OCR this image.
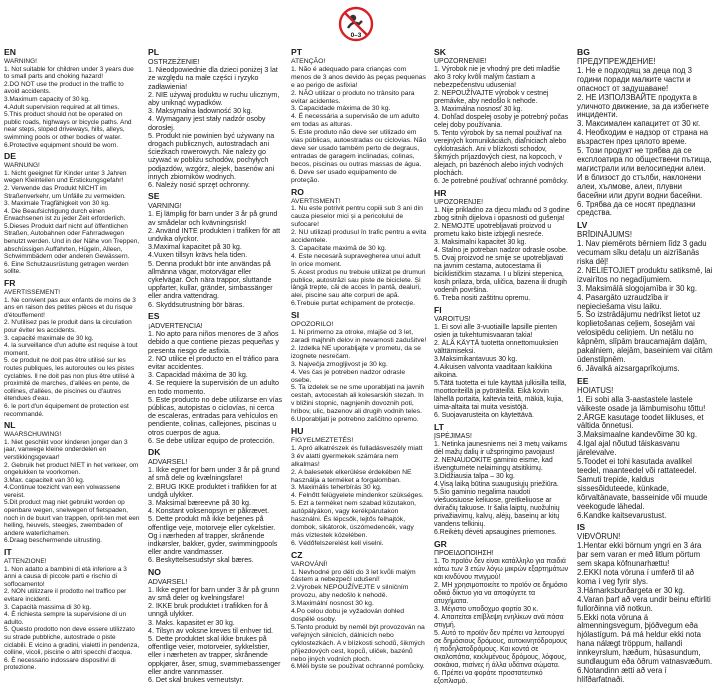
0–3
EN
WARNING!
1. Not suitable for children under 3 years due to small parts and choking hazard!
2.DO NOT use the product in the traffic to avoid accidents.
3.Maximum capacity of 30 kg.
4.Adult supervision required at all times.
5.This product should not be operated on public roads, highways or bicycle paths. And near steps, sloped driveways, hills, alleys, swimming pools or other bodies of water.
6.Protective equipment should be worn.
DE
WARNUNG!
1. Nicht geeignet für Kinder unter 3 Jahren wegen Kleinteilen und Erstickungsgefahr!
2. Verwende das Produkt NICHT im Straßenverkehr, um Unfälle zu vermeiden.
3. Maximale Tragfähigkeit von 30 kg.
4. Die Beaufsichtigung durch einen Erwachsenen ist zu jeder Zeit erforderlich.
5.Dieses Produkt darf nicht auf öffentlichen Straßen, Autobahnen oder Fahrradwegen benutzt werden. Und in der Nähe von Treppen, abschüssigen Auffahrten, Hügeln, Alleen, Schwimmbädern oder anderen Gewässern.
6. Eine Schutzausrüstung getragen werden sollte.
FR
AVERTISSEMENT!
1. Ne convient pas aux enfants de moins de 3 ans en raison des petites pièces et du risque d'étouffement!
2. N'utilisez pas le produit dans la circulation pour éviter les accidents.
3. capacité maximale de 30 kg.
4. la surveillance d'un adulte est requise à tout moment.
5. ce produit ne doit pas être utilisé sur les routes publiques, les autoroutes ou les pistes cyclables. Il ne doit pas non plus être utilisé à proximité de marches, d'allées en pente, de collines, d'allées, de piscines ou d'autres étendues d'eau.
6. le port d'un équipement de protection est recommandé.
NL
WAARSCHUWING!
1. Niet geschikt voor kinderen jonger dan 3 jaar, vanwege kleine onderdelen en verstikkingsgevaar!
2. Gebruik het product NIET in het verkeer, om ongelukken te voorkomen.
3.Max. capaciteit van 30 kg.
4.Continue toezicht van een volwassene vereist.
5.Dit product mag niet gebruikt worden op openbare wegen, snelwegen of fietspaden, noch in de buurt van trappen, oprit-ten met een helling, heuvels, steegjes, zwembaden of andere waterlichamen.
6.Draag beschermende uitrusting.
IT
ATTENZIONE!
1. Non adatto a bambini di età inferiore a 3 anni a causa di piccole parti e rischio di soffocamento!
2. NON utilizzare il prodotto nel traffico per evitare incidenti.
3. Capacità massima di 30 kg.
4. È richiesta sempre la supervisione di un adulto.
5. Questo prodotto non deve essere utilizzato su strade pubbliche, autostrade o piste ciclabili. E vicino a gradini, vialetti in pendenza, colline, vicoli, piscine o altri specchi d'acqua.
6. È necessario indossare dispositivi di protezione.
PL
OSTRZEŻENIE!
1. Nieodpowiednie dla dzieci poniżej 3 lat ze względu na małe części i ryzyko zadławienia!
2. NIE używaj produktu w ruchu ulicznym, aby uniknąć wypadków.
3. Maksymalna ładowność 30 kg.
4. Wymagany jest stały nadzór osoby dorosłej.
5. Produkt nie powinien być używany na drogach publicznych, autostradach ani ścieżkach rowerowych. Nie należy go używać w pobliżu schodów, pochyłych podjazdów, wzgórz, alejek, basenów ani innych zbiorników wodnych.
6. Należy nosić sprzęt ochronny.
SE
VARNING!
1. Ej lämplig för barn under 3 år på grund av smådelar och kvävningsrisk!
2. Använd INTE produkten i trafiken för att undvika olyckor.
3.Maximal kapacitet på 30 kg.
4.Vuxen tillsyn krävs hela tiden.
5. Denna produkt bör inte användas på allmänna vägar, motorvägar eller cykelvägar. Och nära trappor, sluttande uppfarter, kullar, gränder, simbassänger eller andra vattendrag.
6. Skyddsutrustning bör bäras.
ES
¡ADVERTENCIA!
1. No apto para niños menores de 3 años debido a que contiene piezas pequeñas y presenta riesgo de asfixia.
2. NO utilice el producto en el tráfico para evitar accidentes.
3. Capacidad máxima de 30 kg.
4. Se requiere la supervisión de un adulto en todo momento.
5. Este producto no debe utilizarse en vías públicas, autopistas o ciclovías, ni cerca de escaleras, entradas para vehículos en pendiente, colinas, callejones, piscinas u otros cuerpos de agua.
6. Se debe utilizar equipo de protección.
DK
ADVARSEL!
1. Ikke egnet for børn under 3 år på grund af små dele og kvælningsfare!
2. BRUG IKKE produktet i trafikken for at undgå ulykker.
3. Maksimal bæreevne på 30 kg.
4. Konstant voksenopsyn er påkrævet.
5. Dette produkt må ikke betjenes på offentlige veje, motorveje eller cykelstier. Og i nærheden af trapper, skrånende indkørsler, bakker, gyder, swimmingpools eller andre vandmasser.
6. Beskyttelsesudstyr skal bæres.
NO
ADVARSEL!
1. Ikke egnet for barn under 3 år på grunn av små deler og kvelningsfare!
2. IKKE bruk produktet i trafikken for å unngå ulykker.
3. Maks. kapasitet er 30 kg.
4. Tilsyn av voksne kreves til enhver tid.
5. Dette produktet skal ikke brukes på offentlige veier, motorveier, sykkelstier, eller i nærheten av trapper, skrånende oppkjører, åser, smug, svømmebassenger eller andre vannmasser.
6. Det skal brukes verneutstyr.
PT
ATENÇÃO!
1. Não é adequado para crianças com menos de 3 anos devido às peças pequenas e ao perigo de asfixia!
2. NÃO utilizar o produto no trânsito para evitar acidentes.
3. Capacidade máxima de 30 kg.
4. É necessária a supervisão de um adulto em todas as alturas.
5. Este produto não deve ser utilizado em vias públicas, autoestradas ou ciclovias. Não deve ser usado também perto de degraus, entradas de garagem inclinadas, colinas, becos, piscinas ou outras massas de água.
6. Deve ser usado equipamento de proteção.
RO
AVERTISMENT!
1. Nu este potrivit pentru copiii sub 3 ani din cauza pieselor mici și a pericolului de sufocare!
2. NU utilizați produsul în trafic pentru a evita accidentele.
3. Capacitate maximă de 30 kg.
4. Este necesară supravegherea unui adult în orice moment.
5. Acest produs nu trebuie utilizat pe drumuri publice, autostrăzi sau piste de biciclete. Și lângă trepte, căi de acces în pantă, dealuri, alei, piscine sau alte corpuri de apă.
6.Trebuie purtat echipament de protecție.
SI
OPOZORILO!
1. Ni primerno za otroke, mlajše od 3 let, zaradi majhnih delov in nevarnosti zadušitve!
2. Izdelka NE uporabljajte v prometu, da se izognete nesrečam.
3. Največja zmogljivost je 30 kg.
4. Ves čas je potreben nadzor odrasle osebe.
5. Ta izdelek se ne sme uporabljati na javnih cestah, avtocestah ali kolesarskih stezah. In v bližini stopnic, nagnjenih dovoznih poti, hribov, ulic, bazenov ali drugih vodnih teles.
6.Uporabljati je potrebno zaščitno opremo.
HU
FIGYELMEZTETÉS!
1. Apró alkatrészek és fulladásveszély miatt 3 év alatti gyermekek számára nem alkalmas!
2. A balesetek elkerülése érdekében NE használja a terméket a forgalomban.
3. Maximális teherbírás 30 kg.
4. Felnőtt felügyelete mindenkor szükséges.
5. Ezt a terméket nem szabad közutakon, autópályákon, vagy kerékpárutakon használni. És lépcsők, lejtős felhajtók, dombok, sikátorok, úszómedencék, vagy más víztestek közelében.
6. Védőfelszerelést kell viselni.
CZ
VAROVÁNÍ!
1. Nevhodné pro děti do 3 let kvůli malým částem a nebezpečí udušení!
2.Výrobek NEPOUŽÍVEJTE v silničním provozu, aby nedošlo k nehodě.
3.Maximální nosnost 30 kg.
4.Po celou dobu je vyžadován dohled dospělé osoby.
5.Tento produkt by neměl být provozován na veřejných silnicích, dálnicích nebo cyklostezkách. A v blízkosti schodů, šikmých příjezdových cest, kopců, uliček, bazénů nebo jiných vodních ploch.
6.Měli byste se používat ochranné pomůcky.
SK
UPOZORNENIE!
1. Výrobok nie je vhodný pre deti mladšie ako 3 roky kvôli malým častiam a nebezpečenstvu udusenia!
2. NEPOUŽÍVAJTE výrobok v cestnej premávke, aby nedošlo k nehode.
3. Maximálna nosnosť 30 kg.
4. Dohľad dospelej osoby je potrebný počas celej doby používania.
5. Tento výrobok by sa nemal používať na verejných komunikáciách, diaľniciach alebo cyklotrasách. Ani v blízkosti schodov, šikmých príjazdových ciest, na kopcoch, v alejach, pri bazénoch alebo iných vodných plochách.
6. Je potrebné používať ochranné pomôcky.
HR
UPOZORENJE!
1. Nije prikladno za djecu mlađu od 3 godine zbog sitnih dijelova i opasnosti od gušenja!
2. NEMOJTE upotrebljavati proizvod u prometu kako biste izbjegli nesreće.
3. Maksimalni kapacitet 30 kg.
4. Stalno je potreban nadzor odrasle osobe.
5. Ovaj proizvod ne smije se upotrebljavati na javnim cestama, autocestama ili biciklističkim stazama. I u blizini stepenica, kosih prilaza, brda, uličica, bazena ili drugih vodenih površina.
6. Treba nositi zaštitnu opremu.
FI
VAROITUS!
1. Ei sovi alle 3-vuotiaille lapsille pienten osien ja tukehtumisvaaran takia!
2. ÄLÄ KÄYTÄ tuotetta onnettomuuksien välttämiseksi.
3.Maksimikantavuus 30 kg.
4.Aikuisen valvonta vaaditaan kaikkina aikoina.
5.Tätä tuotetta ei tule käyttää julkisilla teillä, moottoriteillä ja pyöräteillä. Eikä kovin lähellä portaita, kaltevia teitä, mäkiä, kujia, uima-altaita tai muita vesistöjä.
6. Suojavarusteita on käytettävä.
LT
ĮSPĖJIMAS!
1. Netinka jaunesniems nei 3 metų vaikams dėl mažų dalių ir užspringimo pavojaus!
2. NENAUDOKITE gaminio eisme, kad išvengtumėte nelaimingų atsitikimų.
3.Didžiausia talpa – 30 kg.
4.Visą laiką būtina suaugusiųjų priežiūra.
5.Šio gaminio negalima naudoti viešuosiuose keliuose, greitkeliuose ar dviračių takuose. Ir šalia laiptų, nuožulnių privažiavimų, kalvų, alėjų, baseinų ar kitų vandens telkinių.
6.Reikėtų dėvėti apsaugines priemones.
GR
ΠΡΟΕΙΔΟΠΟΙΗΣΗ!
1. Το προϊόν δεν είναι κατάλληλο για παιδιά κάτω των 3 ετών λόγω μικρών εξαρτημάτων και κινδύνου πνιγμού!
2. ΜΗ χρησιμοποιείτε το προϊόν σε δημόσιο οδικό δίκτυο για να αποφύγετε τα ατυχήματα.
3. Μέγιστο υποδοχμο φορτίο 30 κ.
4. Απαιτείται επίβλεψη ενηλίκων ανά πάσα στιγμή.
5. Αυτό το προϊόν δεν πρέπει να λειτουργεί σε δημόσιους δρόμους, αυτοκινητόδρομους ή ποδηλατοδρόμους. Και κοντά σε σκαλοπάτια, κεκλιμένους δρόμους, λόφους, σοκάκια, πισίνες ή άλλα υδάτινα σώματα.
6. Πρέπει να φοράτε προστατευτικό εξοπλισμό.
BG
ПРЕДУПРЕЖДЕНИЕ!
1. Не е подходящ за деца под 3 години поради малките части и опасност от задушаване!
2. НЕ ИЗПОЛЗВАЙТЕ продукта в уличното движение, за да избегнете инциденти.
3. Максимален капацитет от 30 кг.
4. Необходим е надзор от страна на възрастен през цялото време.
5. Този продукт не трябва да се експлоатира по обществени пътища, магистрали или велосипедни алеи. И в близост до стълби, наклонени алеи, хълмове, алеи, плувни басейни или други водни басейни.
6. Трябва да се носят предпазни средства.
LV
BRĪDINĀJUMS!
1. Nav piemērots bērniem līdz 3 gadu vecumam sīku detaļu un aizrīšanās riska dēļ!
2. NELIETOJIET produktu satiksmē, lai izvairītos no negadījumiem.
3. Maksimālā slogojamība ir 30 kg.
4. Pasargāto uzraudzība ir nepieciešama visu laiku.
5. Šo izstrādājumu nedrīkst lietot uz koplietošanas ceļiem, šosejām vai velosipēdu celiņiem. Un netālu no kāpnēm, slīpām braucamajām daļām, pakalniem, alejām, baseiniem vai citām ūdenstilpnēm.
6. Jāvalkā aizsargaprīkojums.
EE
HOIATUS!
1. Ei sobi alla 3-aastastele lastele väikeste osade ja lämbumisohu tõttu!
2.ÄRGE kasutage toodet liikluses, et vältida õnnetusi.
3.Maksimaalne kandevõime 30 kg.
4.Igal ajal nõutud täiskasvanu järelevalve.
5.Toodet ei tohi kasutada avalikel teedel, maanteedel või rattateedel. Samuti trepide, kaldus sissesõiduteede, künkade, kõrvaltänavate, basseinide või muude veekogude lähedal.
6.Kandke kaitsevarustust.
IS
VIÐVÖRUN!
1.Hentar ekki börnum yngri en 3 ára þar sem varan er með litlum pörtum sem skapa köfnunarhættu!
2.EKKI nota vöruna í umferð til að koma í veg fyrir slys.
3.Hámarksburðargeta er 30 kg.
4.Varan þarf að vera undir beinu eftirliti fullorðinna við notkun.
5.Ekki nota vöruna á almenningsvegum, þjóðvegum eða hjólastígum. Þá má heldur ekki nota hana nálægt tröppum, hallandi innkeyrslum, hæðum, húsasundum, sundlaugum eða öðrum vatnasvæðum.
6.Notandinn ætti að vera í hlífðarfatnaði.
